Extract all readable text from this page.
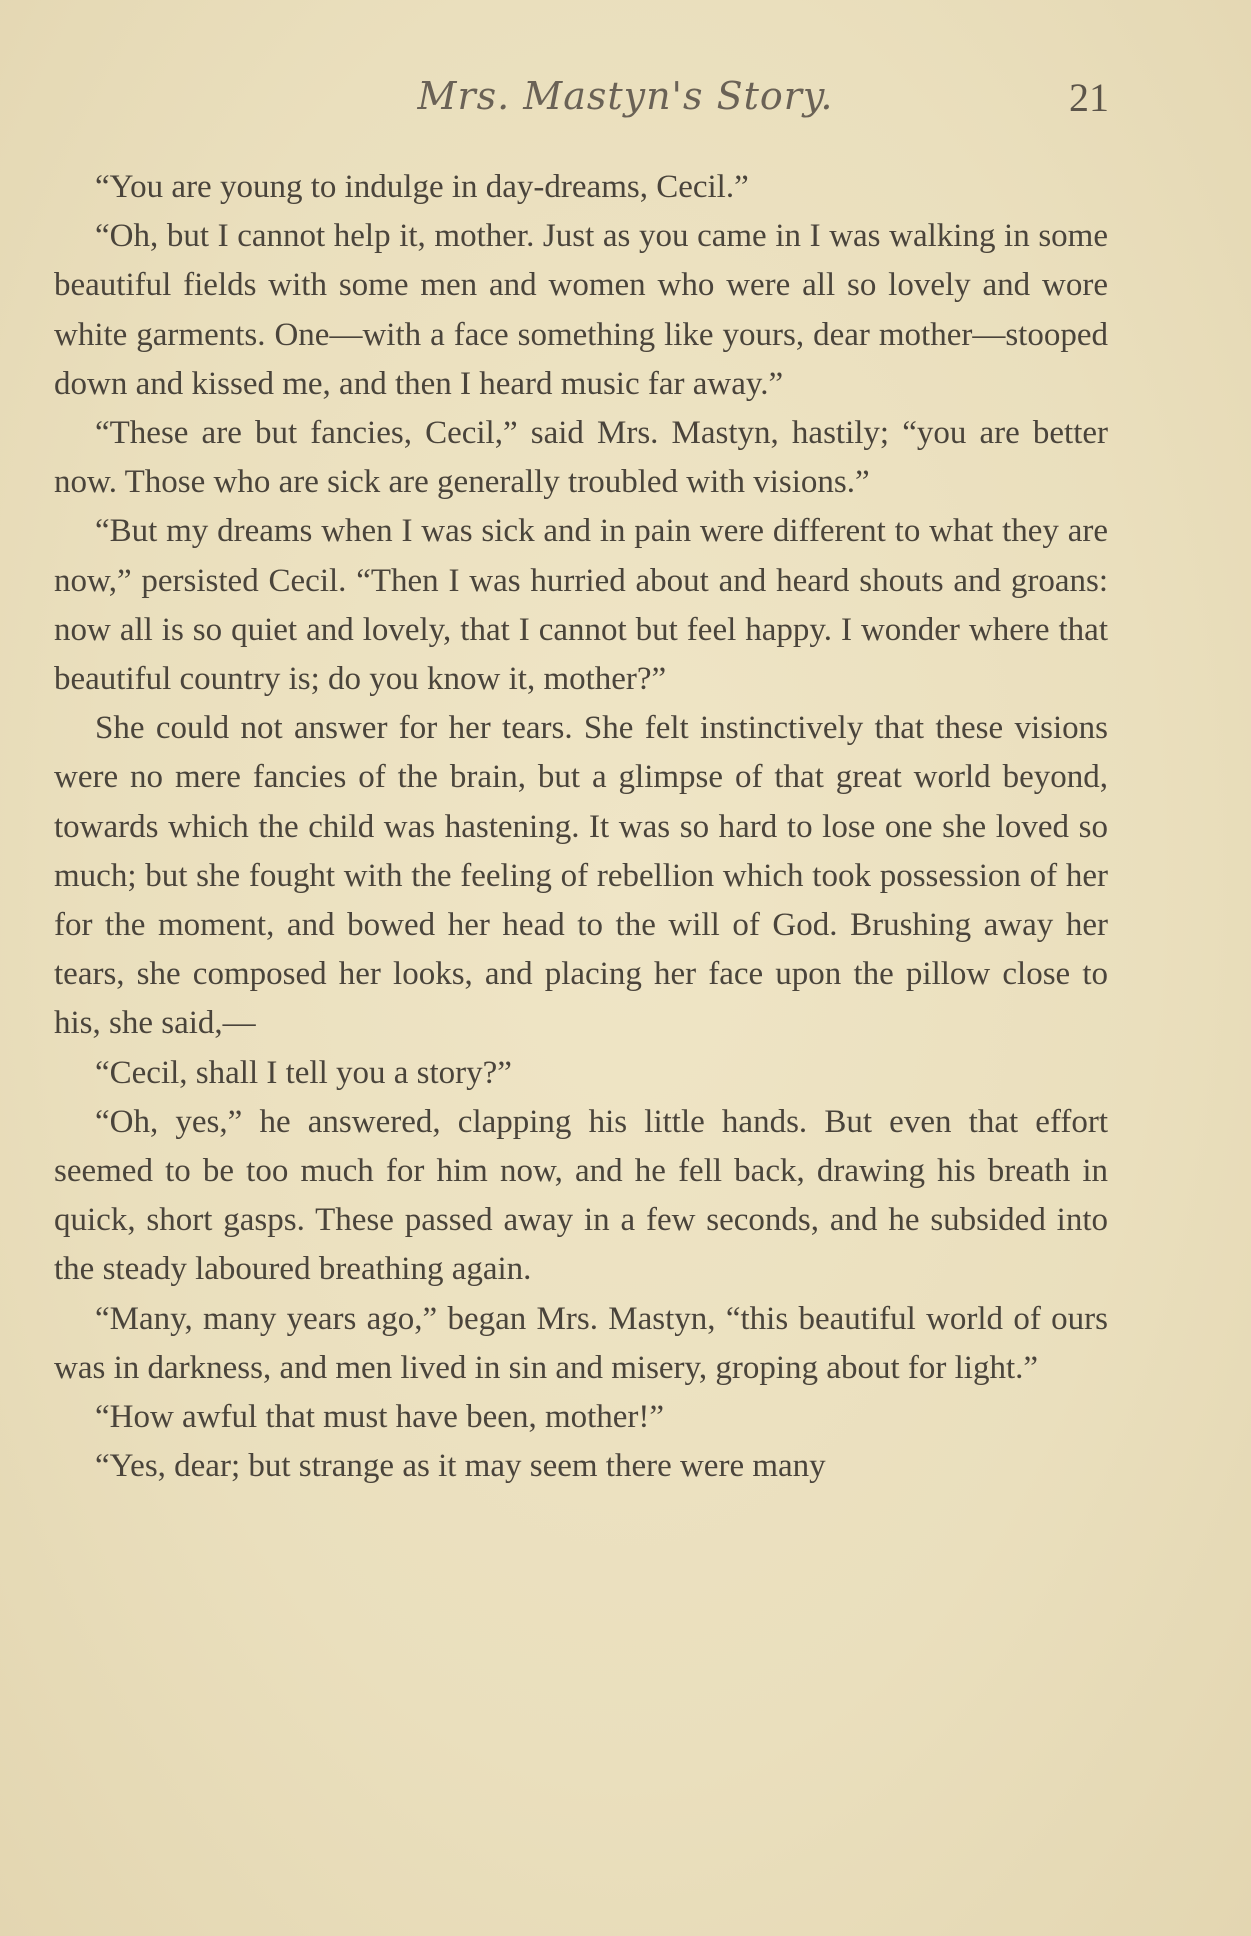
Mrs. Mastyn's Story.	21

“You are young to indulge in day-dreams, Cecil.”

“Oh, but I cannot help it, mother. Just as you came in I was walking in some beautiful fields with some men and women who were all so lovely and wore white garments. One—with a face something like yours, dear mother—stooped down and kissed me, and then I heard music far away.”

“These are but fancies, Cecil,” said Mrs. Mastyn, hastily; “you are better now. Those who are sick are generally troubled with visions.”

“But my dreams when I was sick and in pain were different to what they are now,” persisted Cecil. “Then I was hurried about and heard shouts and groans: now all is so quiet and lovely, that I cannot but feel happy. I wonder where that beautiful country is; do you know it, mother?”

She could not answer for her tears. She felt instinctively that these visions were no mere fancies of the brain, but a glimpse of that great world beyond, towards which the child was hastening. It was so hard to lose one she loved so much; but she fought with the feeling of rebellion which took possession of her for the moment, and bowed her head to the will of God. Brushing away her tears, she composed her looks, and placing her face upon the pillow close to his, she said,—

“Cecil, shall I tell you a story?”

“Oh, yes,” he answered, clapping his little hands. But even that effort seemed to be too much for him now, and he fell back, drawing his breath in quick, short gasps. These passed away in a few seconds, and he subsided into the steady laboured breathing again.

“Many, many years ago,” began Mrs. Mastyn, “this beautiful world of ours was in darkness, and men lived in sin and misery, groping about for light.”

“How awful that must have been, mother!”

“Yes, dear; but strange as it may seem there were many
